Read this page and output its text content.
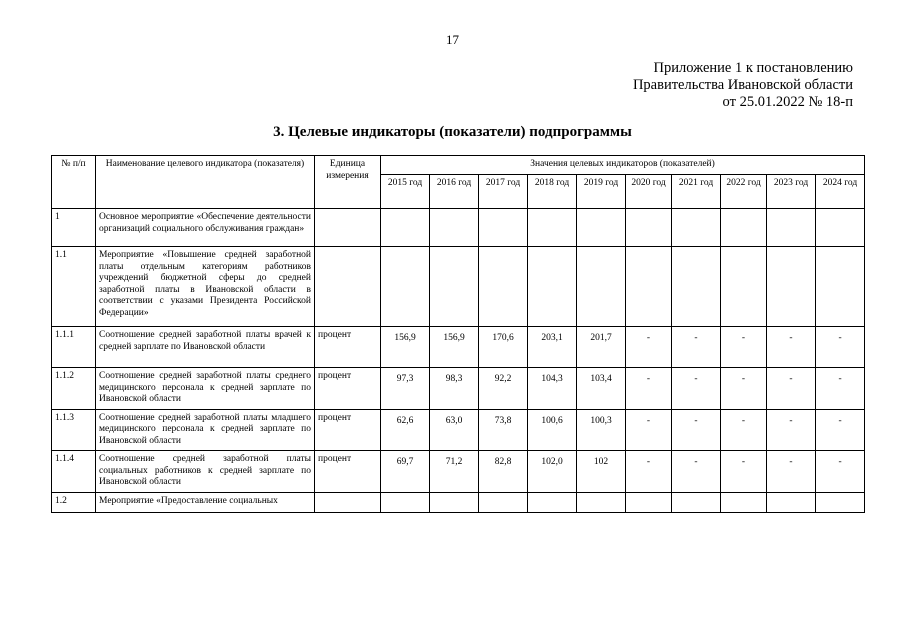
17
Приложение 1 к постановлению
Правительства Ивановской области
от 25.01.2022 № 18-п
3. Целевые индикаторы (показатели) подпрограммы
№ п/п	Наименование целевого индикатора (показателя)	Единица измерения	Значения целевых индикаторов (показателей)									
			2015 год	2016 год	2017 год	2018 год	2019 год	2020 год	2021 год	2022 год	2023 год	2024 год
1	Основное мероприятие «Обеспечение деятельности организаций социального обслуживания граждан»											
1.1	Мероприятие «Повышение средней заработной платы отдельным категориям работников учреждений бюджетной сферы до средней заработной платы в Ивановской области в соответствии с указами Президента Российской Федерации»											
1.1.1	Соотношение средней заработной платы врачей к средней зарплате по Ивановской области	процент	156,9	156,9	170,6	203,1	201,7	-	-	-	-	-
1.1.2	Соотношение средней заработной платы среднего медицинского персонала к средней зарплате по Ивановской области	процент	97,3	98,3	92,2	104,3	103,4	-	-	-	-	-
1.1.3	Соотношение средней заработной платы младшего медицинского персонала к средней зарплате по Ивановской области	процент	62,6	63,0	73,8	100,6	100,3	-	-	-	-	-
1.1.4	Соотношение средней заработной платы социальных работников к средней зарплате по Ивановской области	процент	69,7	71,2	82,8	102,0	102	-	-	-	-	-
1.2	Мероприятие «Предоставление социальных											
